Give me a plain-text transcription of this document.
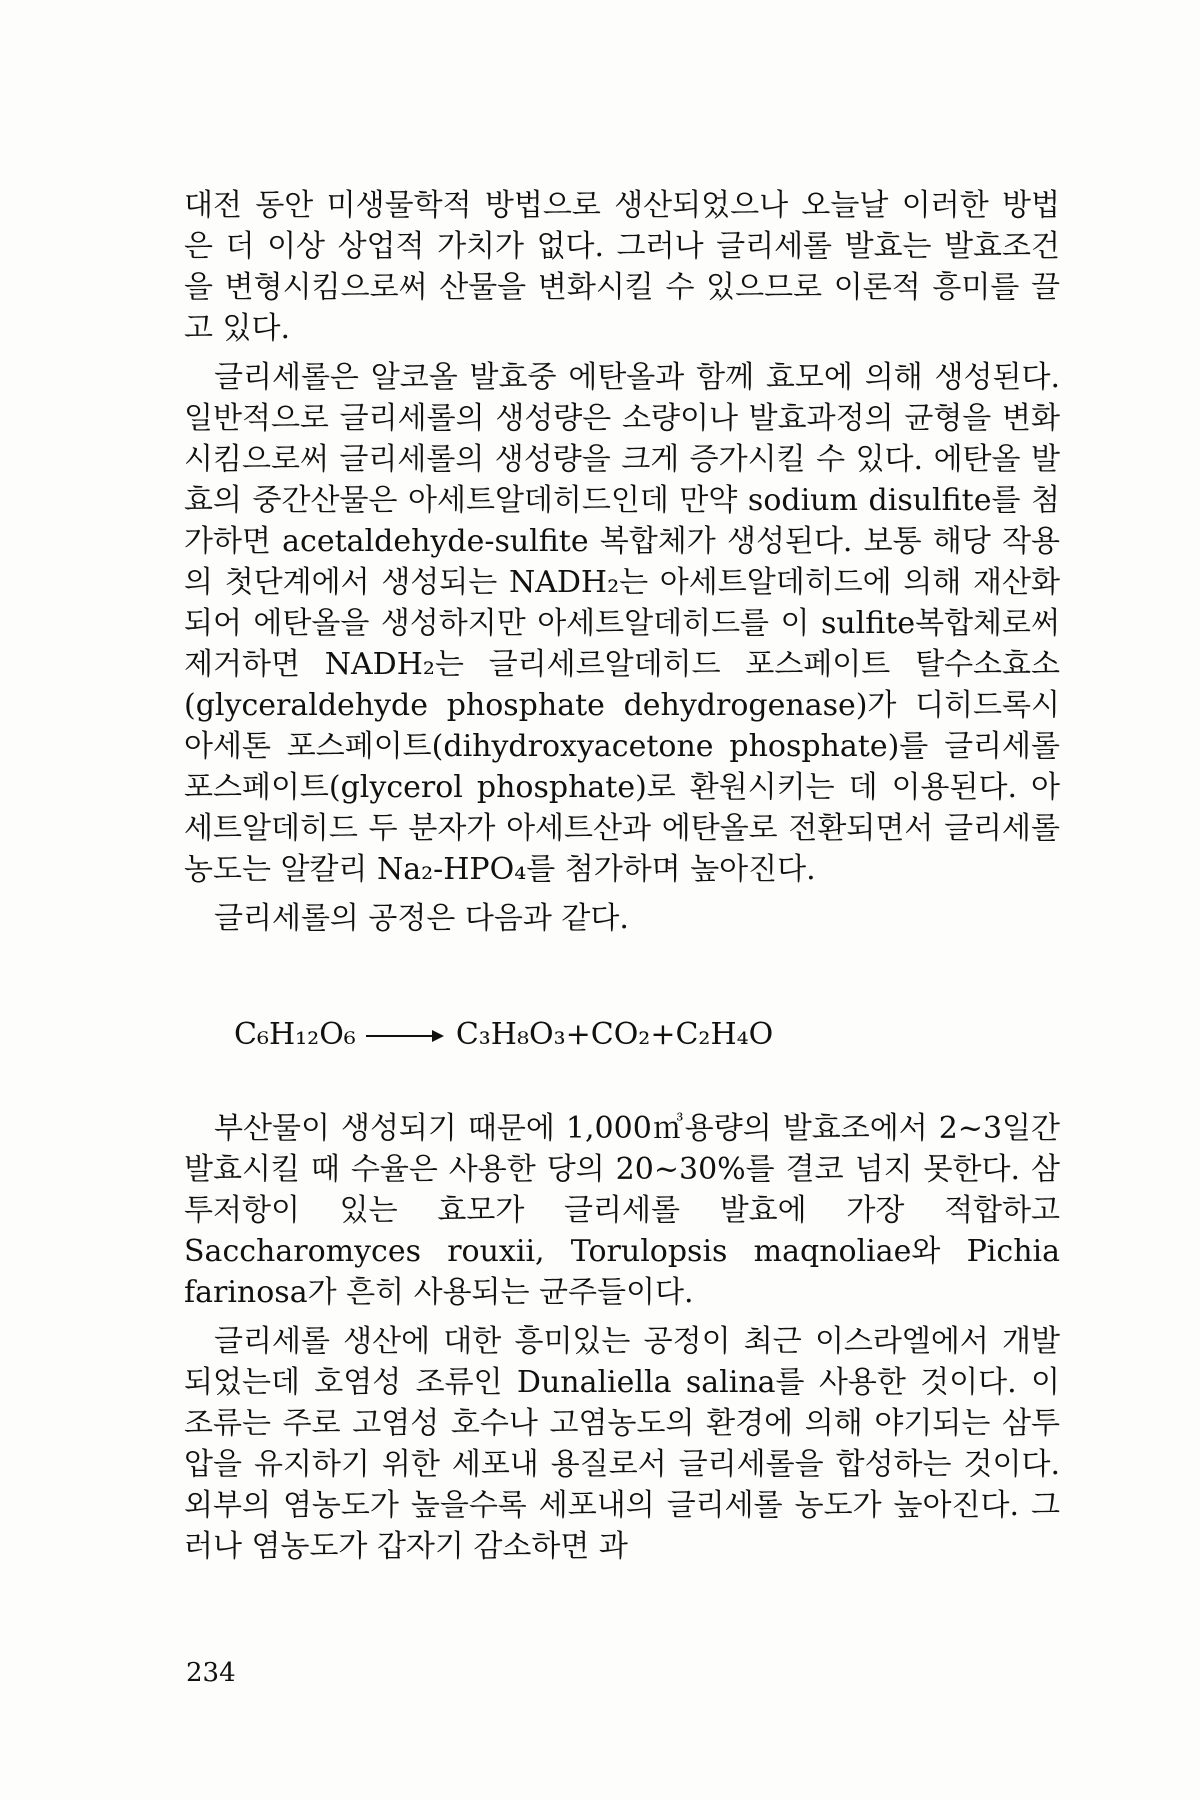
대전 동안 미생물학적 방법으로 생산되었으나 오늘날 이러한 방법은 더 이상 상업적 가치가 없다. 그러나 글리세롤 발효는 발효조건을 변형시킴으로써 산물을 변화시킬 수 있으므로 이론적 흥미를 끌고 있다.

글리세롤은 알코올 발효중 에탄올과 함께 효모에 의해 생성된다. 일반적으로 글리세롤의 생성량은 소량이나 발효과정의 균형을 변화시킴으로써 글리세롤의 생성량을 크게 증가시킬 수 있다. 에탄올 발효의 중간산물은 아세트알데히드인데 만약 sodium disulfite를 첨가하면 acetaldehyde-sulfite 복합체가 생성된다. 보통 해당 작용의 첫단계에서 생성되는 NADH₂는 아세트알데히드에 의해 재산화되어 에탄올을 생성하지만 아세트알데히드를 이 sulfite복합체로써 제거하면 NADH₂는 글리세르알데히드 포스페이트 탈수소효소(glyceraldehyde phosphate dehydrogenase)가 디히드록시아세톤 포스페이트(dihydroxyacetone phosphate)를 글리세롤 포스페이트(glycerol phosphate)로 환원시키는 데 이용된다. 아세트알데히드 두 분자가 아세트산과 에탄올로 전환되면서 글리세롤 농도는 알칼리 Na₂-HPO₄를 첨가하며 높아진다.

글리세롤의 공정은 다음과 같다.

C₆H₁₂O₆ → C₃H₈O₃+CO₂+C₂H₄O

부산물이 생성되기 때문에 1,000㎥용량의 발효조에서 2~3일간 발효시킬 때 수율은 사용한 당의 20~30%를 결코 넘지 못한다. 삼투저항이 있는 효모가 글리세롤 발효에 가장 적합하고 Saccharomyces rouxii, Torulopsis maqnoliae와 Pichia farinosa가 흔히 사용되는 균주들이다.

글리세롤 생산에 대한 흥미있는 공정이 최근 이스라엘에서 개발되었는데 호염성 조류인 Dunaliella salina를 사용한 것이다. 이 조류는 주로 고염성 호수나 고염농도의 환경에 의해 야기되는 삼투압을 유지하기 위한 세포내 용질로서 글리세롤을 합성하는 것이다. 외부의 염농도가 높을수록 세포내의 글리세롤 농도가 높아진다. 그러나 염농도가 갑자기 감소하면 과

234
